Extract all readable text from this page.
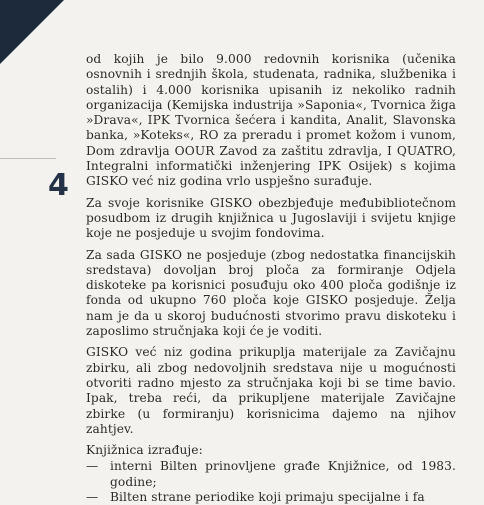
4

od kojih je bilo 9.000 redovnih korisnika (učenika osnovnih i srednjih škola, studenata, radnika, službenika i ostalih) i 4.000 korisnika upisanih iz nekoliko radnih organizacija (Kemijska industrija »Saponia«, Tvornica žiga »Drava«, IPK Tvornica šećera i kandita, Analit, Slavonska banka, »Koteks«, RO za preradu i promet kožom i vunom, Dom zdravlja OOUR Zavod za zaštitu zdravlja, I QUATRO, Integralni informatički inženjering IPK Osijek) s kojima GISKO već niz godina vrlo uspješno surađuje.

Za svoje korisnike GISKO obezbjeđuje međubibliotečnom posudbom iz drugih knjižnica u Jugoslaviji i svijetu knjige koje ne posjeduje u svojim fondovima.

Za sada GISKO ne posjeduje (zbog nedostatka financijskih sredstava) dovoljan broj ploča za formiranje Odjela diskoteke pa korisnici posuđuju oko 400 ploča godišnje iz fonda od ukupno 760 ploča koje GISKO posjeduje. Želja nam je da u skoroj budućnosti stvorimo pravu diskoteku i zaposlimo stručnjaka koji će je voditi.

GISKO već niz godina prikuplja materijale za Zavičajnu zbirku, ali zbog nedovoljnih sredstava nije u mogućnosti otvoriti radno mjesto za stručnjaka koji bi se time bavio. Ipak, treba reći, da prikupljene materijale Zavičajne zbirke (u formiranju) korisnicima dajemo na njihov zahtjev.

Knjižnica izrađuje:

— interni Bilten prinovljene građe Knjižnice, od 1983. godine;
— Bilten strane periodike koji primaju specijalne i fa
